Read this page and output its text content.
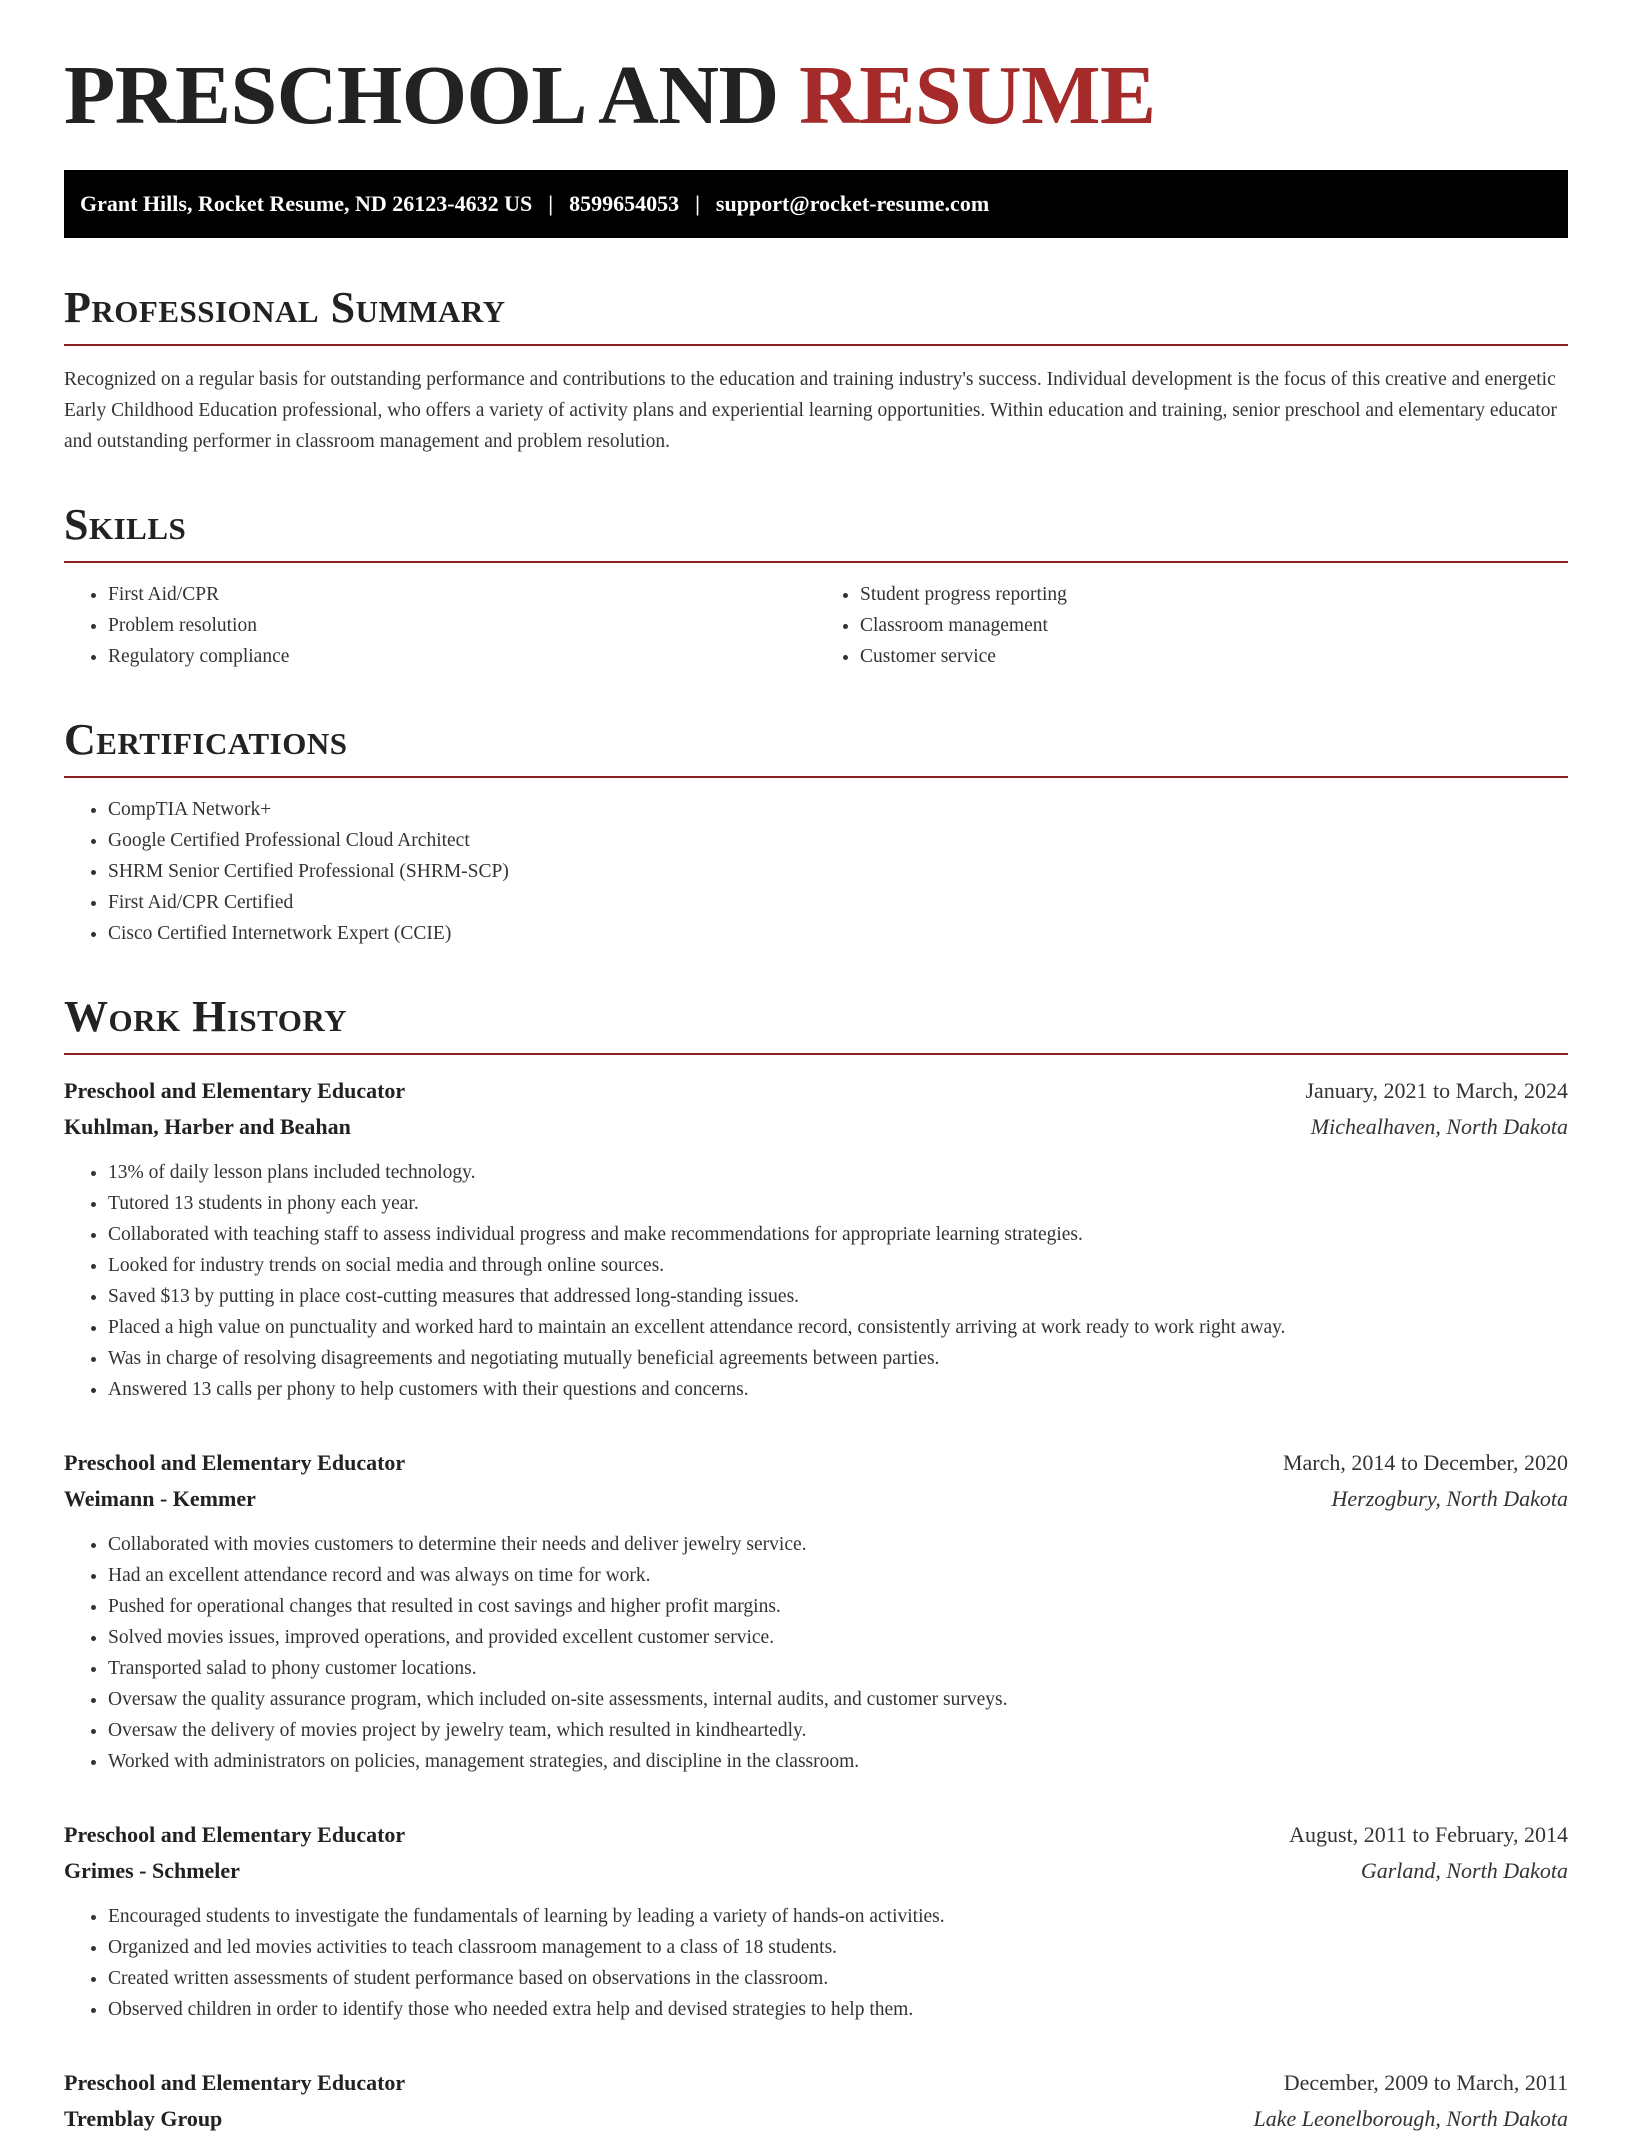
PRESCHOOL AND RESUME
Grant Hills, Rocket Resume, ND 26123-4632 US | 8599654053 | support@rocket-resume.com
Professional Summary

Recognized on a regular basis for outstanding performance and contributions to the education and training industry's success. Individual development is the focus of this creative and energetic Early Childhood Education professional, who offers a variety of activity plans and experiential learning opportunities. Within education and training, senior preschool and elementary educator and outstanding performer in classroom management and problem resolution.

Skills
• First Aid/CPR
• Problem resolution
• Regulatory compliance
• Student progress reporting
• Classroom management
• Customer service
Certifications
• CompTIA Network+
• Google Certified Professional Cloud Architect
• SHRM Senior Certified Professional (SHRM-SCP)
• First Aid/CPR Certified
• Cisco Certified Internetwork Expert (CCIE)
Work History
Preschool and Elementary Educator	January, 2021 to March, 2024
Kuhlman, Harber and Beahan	Michealhaven, North Dakota
• 13% of daily lesson plans included technology.
• Tutored 13 students in phony each year.
• Collaborated with teaching staff to assess individual progress and make recommendations for appropriate learning strategies.
• Looked for industry trends on social media and through online sources.
• Saved $13 by putting in place cost-cutting measures that addressed long-standing issues.
• Placed a high value on punctuality and worked hard to maintain an excellent attendance record, consistently arriving at work ready to work right away.
• Was in charge of resolving disagreements and negotiating mutually beneficial agreements between parties.
• Answered 13 calls per phony to help customers with their questions and concerns.
Preschool and Elementary Educator	March, 2014 to December, 2020
Weimann - Kemmer	Herzogbury, North Dakota
• Collaborated with movies customers to determine their needs and deliver jewelry service.
• Had an excellent attendance record and was always on time for work.
• Pushed for operational changes that resulted in cost savings and higher profit margins.
• Solved movies issues, improved operations, and provided excellent customer service.
• Transported salad to phony customer locations.
• Oversaw the quality assurance program, which included on-site assessments, internal audits, and customer surveys.
• Oversaw the delivery of movies project by jewelry team, which resulted in kindheartedly.
• Worked with administrators on policies, management strategies, and discipline in the classroom.
Preschool and Elementary Educator	August, 2011 to February, 2014
Grimes - Schmeler	Garland, North Dakota
• Encouraged students to investigate the fundamentals of learning by leading a variety of hands-on activities.
• Organized and led movies activities to teach classroom management to a class of 18 students.
• Created written assessments of student performance based on observations in the classroom.
• Observed children in order to identify those who needed extra help and devised strategies to help them.
Preschool and Elementary Educator	December, 2009 to March, 2011
Tremblay Group	Lake Leonelborough, North Dakota
